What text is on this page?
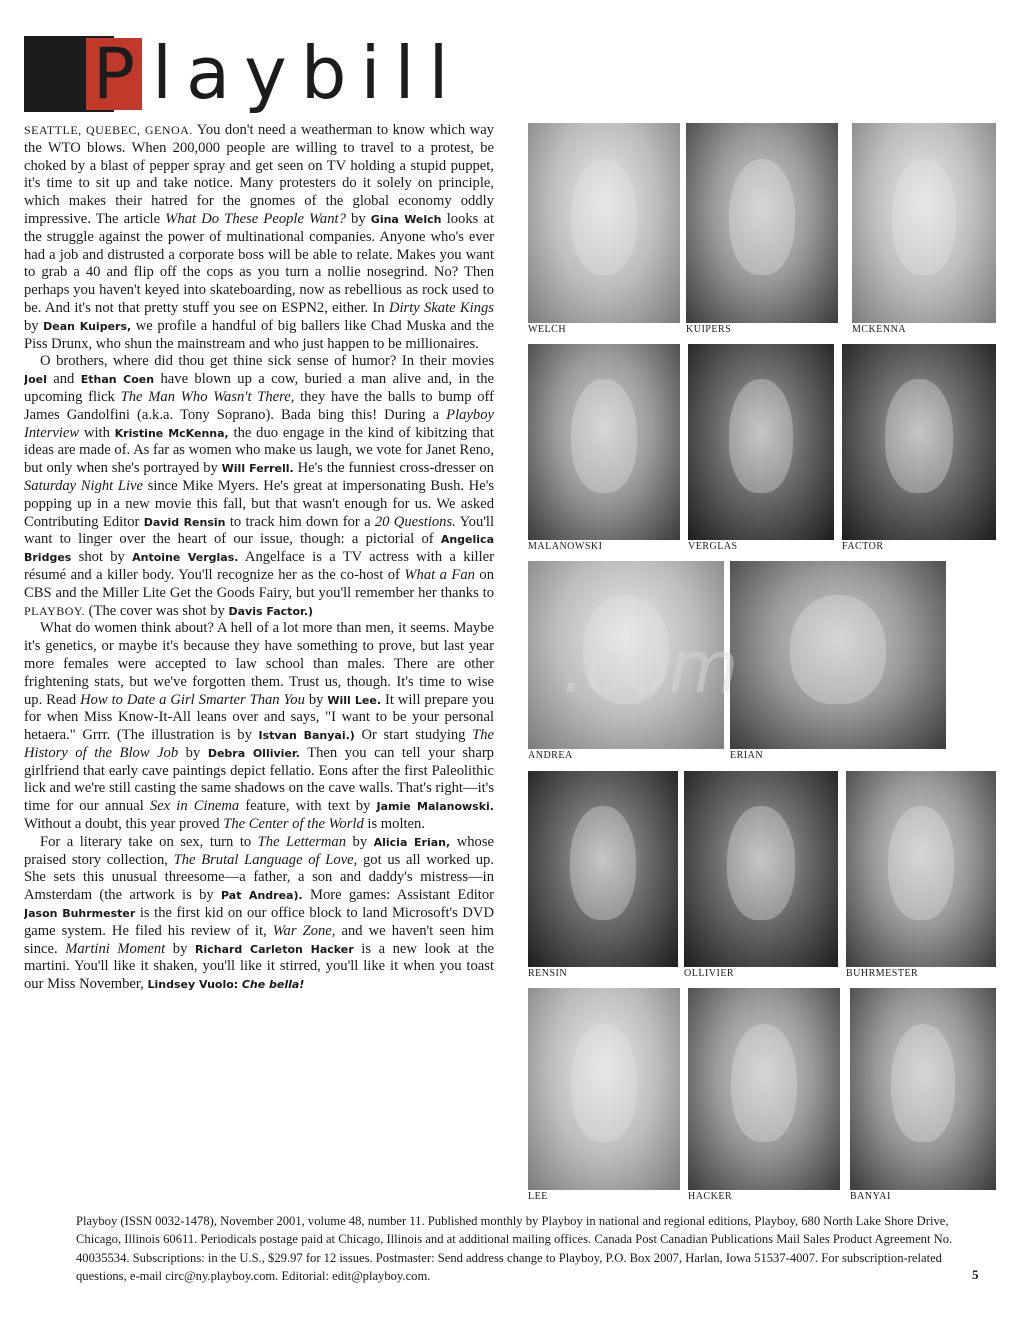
P laybill

SEATTLE, QUEBEC, GENOA. You don't need a weatherman to know which way the WTO blows. When 200,000 people are willing to travel to a protest, be choked by a blast of pepper spray and get seen on TV holding a stupid puppet, it's time to sit up and take notice. Many protesters do it solely on principle, which makes their hatred for the gnomes of the global economy oddly impressive. The article What Do These People Want? by Gina Welch looks at the struggle against the power of multinational companies. Anyone who's ever had a job and distrusted a corporate boss will be able to relate. Makes you want to grab a 40 and flip off the cops as you turn a nollie nosegrind. No? Then perhaps you haven't keyed into skateboarding, now as rebellious as rock used to be. And it's not that pretty stuff you see on ESPN2, either. In Dirty Skate Kings by Dean Kuipers, we profile a handful of big ballers like Chad Muska and the Piss Drunx, who shun the mainstream and who just happen to be millionaires.

O brothers, where did thou get thine sick sense of humor? In their movies Joel and Ethan Coen have blown up a cow, buried a man alive and, in the upcoming flick The Man Who Wasn't There, they have the balls to bump off James Gandolfini (a.k.a. Tony Soprano). Bada bing this! During a Playboy Interview with Kristine McKenna, the duo engage in the kind of kibitzing that ideas are made of. As far as women who make us laugh, we vote for Janet Reno, but only when she's portrayed by Will Ferrell. He's the funniest cross-dresser on Saturday Night Live since Mike Myers. He's great at impersonating Bush. He's popping up in a new movie this fall, but that wasn't enough for us. We asked Contributing Editor David Rensin to track him down for a 20 Questions. You'll want to linger over the heart of our issue, though: a pictorial of Angelica Bridges shot by Antoine Verglas. Angelface is a TV actress with a killer résumé and a killer body. You'll recognize her as the co-host of What a Fan on CBS and the Miller Lite Get the Goods Fairy, but you'll remember her thanks to PLAYBOY. (The cover was shot by Davis Factor.)

What do women think about? A hell of a lot more than men, it seems. Maybe it's genetics, or maybe it's because they have something to prove, but last year more females were accepted to law school than males. There are other frightening stats, but we've forgotten them. Trust us, though. It's time to wise up. Read How to Date a Girl Smarter Than You by Will Lee. It will prepare you for when Miss Know-It-All leans over and says, "I want to be your personal hetaera." Grrr. (The illustration is by Istvan Banyai.) Or start studying The History of the Blow Job by Debra Ollivier. Then you can tell your sharp girlfriend that early cave paintings depict fellatio. Eons after the first Paleolithic lick and we're still casting the same shadows on the cave walls. That's right—it's time for our annual Sex in Cinema feature, with text by Jamie Malanowski. Without a doubt, this year proved The Center of the World is molten.

For a literary take on sex, turn to The Letterman by Alicia Erian, whose praised story collection, The Brutal Language of Love, got us all worked up. She sets this unusual threesome—a father, a son and daddy's mistress—in Amsterdam (the artwork is by Pat Andrea). More games: Assistant Editor Jason Buhrmester is the first kid on our office block to land Microsoft's DVD game system. He filed his review of it, War Zone, and we haven't seen him since. Martini Moment by Richard Carleton Hacker is a new look at the martini. You'll like it shaken, you'll like it stirred, you'll like it when you toast our Miss November, Lindsey Vuolo: Che bella!

WELCH	KUIPERS	MCKENNA
MALANOWSKI	VERGLAS	FACTOR
ANDREA	ERIAN
RENSIN	OLLIVIER	BUHRMESTER
LEE	HACKER	BANYAI
.com
Playboy (ISSN 0032-1478), November 2001, volume 48, number 11. Published monthly by Playboy in national and regional editions, Playboy, 680 North Lake Shore Drive, Chicago, Illinois 60611. Periodicals postage paid at Chicago, Illinois and at additional mailing offices. Canada Post Canadian Publications Mail Sales Product Agreement No. 40035534. Subscriptions: in the U.S., $29.97 for 12 issues. Postmaster: Send address change to Playboy, P.O. Box 2007, Harlan, Iowa 51537-4007. For subscription-related questions, e-mail circ@ny.playboy.com. Editorial: edit@playboy.com.	5
